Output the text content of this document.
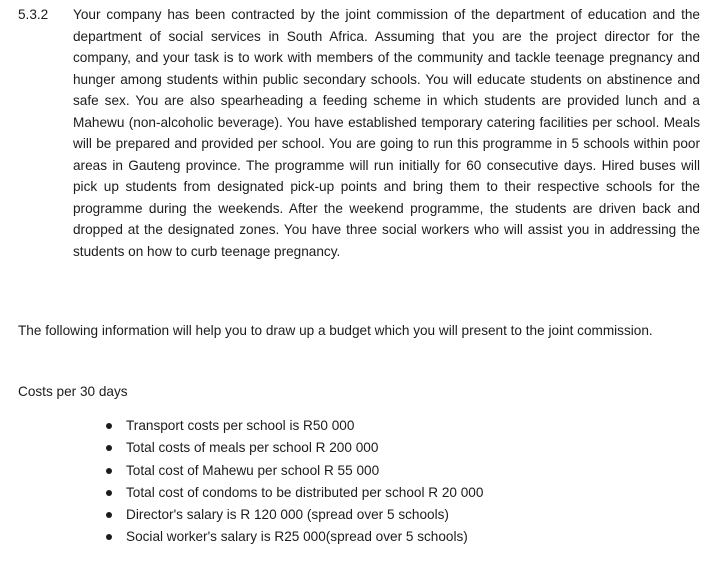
5.3.2 Your company has been contracted by the joint commission of the department of education and the department of social services in South Africa. Assuming that you are the project director for the company, and your task is to work with members of the community and tackle teenage pregnancy and hunger among students within public secondary schools. You will educate students on abstinence and safe sex. You are also spearheading a feeding scheme in which students are provided lunch and a Mahewu (non-alcoholic beverage). You have established temporary catering facilities per school. Meals will be prepared and provided per school. You are going to run this programme in 5 schools within poor areas in Gauteng province. The programme will run initially for 60 consecutive days. Hired buses will pick up students from designated pick-up points and bring them to their respective schools for the programme during the weekends. After the weekend programme, the students are driven back and dropped at the designated zones. You have three social workers who will assist you in addressing the students on how to curb teenage pregnancy.
The following information will help you to draw up a budget which you will present to the joint commission.
Costs per 30 days
Transport costs per school is R50 000
Total costs of meals per school R 200 000
Total cost of Mahewu per school R 55 000
Total cost of condoms to be distributed per school R 20 000
Director's salary is R 120 000 (spread over 5 schools)
Social worker's salary is R25 000(spread over 5 schools)
